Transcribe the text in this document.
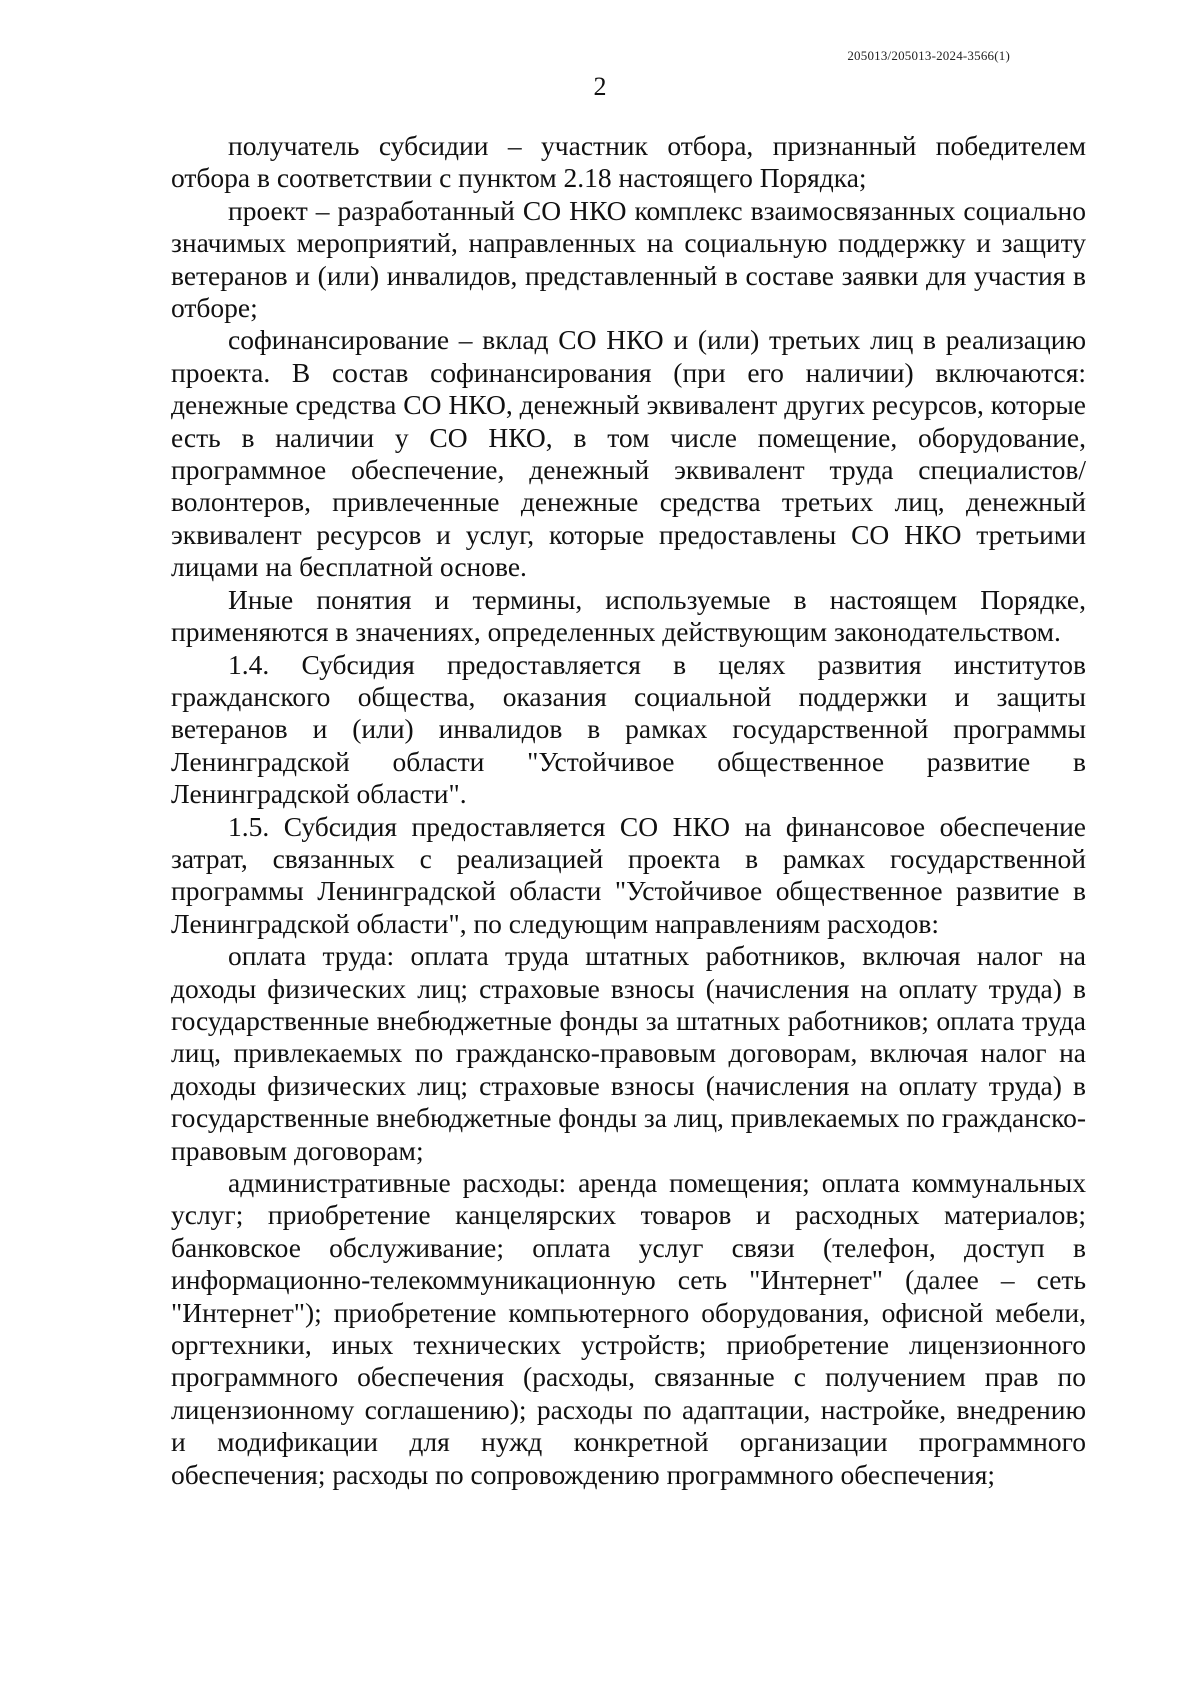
205013/205013-2024-3566(1)
2

получатель субсидии – участник отбора, признанный победителем отбора в соответствии с пунктом 2.18 настоящего Порядка;

проект – разработанный СО НКО комплекс взаимосвязанных социально значимых мероприятий, направленных на социальную поддержку и защиту ветеранов и (или) инвалидов, представленный в составе заявки для участия в отборе;

софинансирование – вклад СО НКО и (или) третьих лиц в реализацию проекта. В состав софинансирования (при его наличии) включаются: денежные средства СО НКО, денежный эквивалент других ресурсов, которые есть в наличии у СО НКО, в том числе помещение, оборудование, программное обеспечение, денежный эквивалент труда специалистов/волонтеров, привлеченные денежные средства третьих лиц, денежный эквивалент ресурсов и услуг, которые предоставлены СО НКО третьими лицами на бесплатной основе.

Иные понятия и термины, используемые в настоящем Порядке, применяются в значениях, определенных действующим законодательством.

1.4. Субсидия предоставляется в целях развития институтов гражданского общества, оказания социальной поддержки и защиты ветеранов и (или) инвалидов в рамках государственной программы Ленинградской области "Устойчивое общественное развитие в Ленинградской области".

1.5. Субсидия предоставляется СО НКО на финансовое обеспечение затрат, связанных с реализацией проекта в рамках государственной программы Ленинградской области "Устойчивое общественное развитие в Ленинградской области", по следующим направлениям расходов:

оплата труда: оплата труда штатных работников, включая налог на доходы физических лиц; страховые взносы (начисления на оплату труда) в государственные внебюджетные фонды за штатных работников; оплата труда лиц, привлекаемых по гражданско-правовым договорам, включая налог на доходы физических лиц; страховые взносы (начисления на оплату труда) в государственные внебюджетные фонды за лиц, привлекаемых по гражданско-правовым договорам;

административные расходы: аренда помещения; оплата коммунальных услуг; приобретение канцелярских товаров и расходных материалов; банковское обслуживание; оплата услуг связи (телефон, доступ в информационно-телекоммуникационную сеть "Интернет" (далее – сеть "Интернет"); приобретение компьютерного оборудования, офисной мебели, оргтехники, иных технических устройств; приобретение лицензионного программного обеспечения (расходы, связанные с получением прав по лицензионному соглашению); расходы по адаптации, настройке, внедрению и модификации для нужд конкретной организации программного обеспечения; расходы по сопровождению программного обеспечения;
